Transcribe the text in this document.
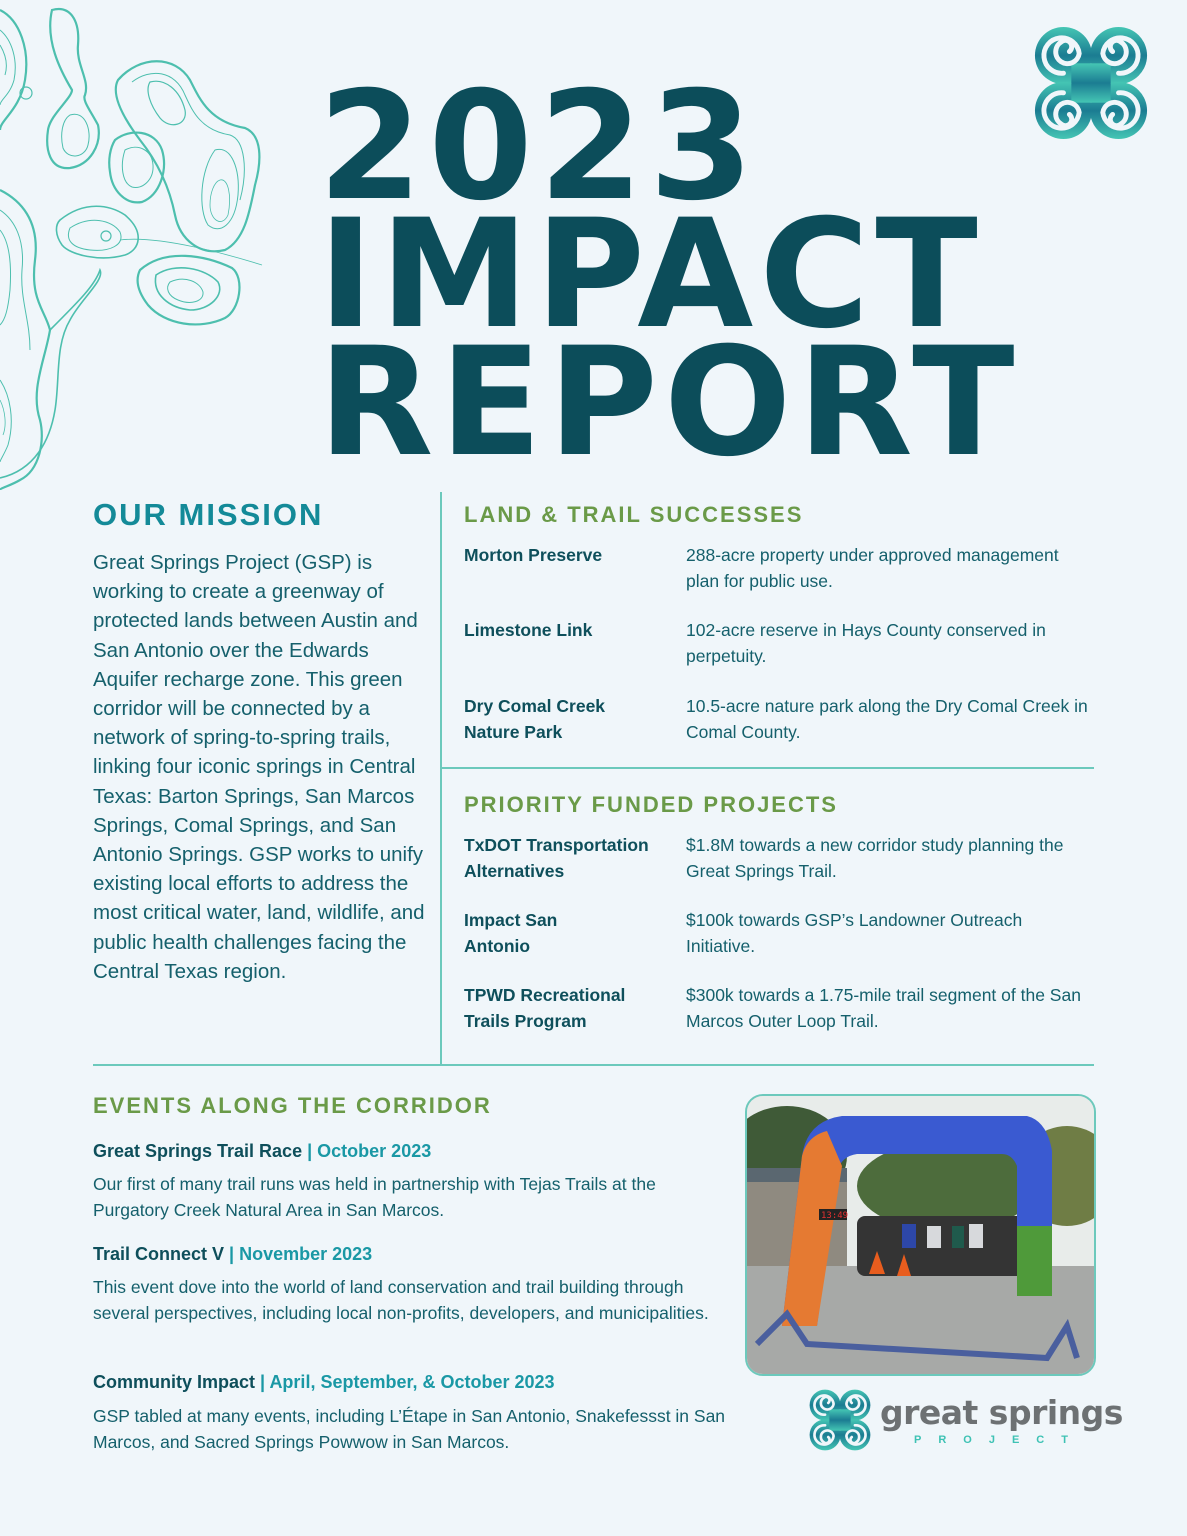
2023
IMPACT
REPORT
OUR MISSION

Great Springs Project (GSP) is working to create a greenway of protected lands between Austin and San Antonio over the Edwards Aquifer recharge zone. This green corridor will be connected by a network of spring-to-spring trails, linking four iconic springs in Central Texas: Barton Springs, San Marcos Springs, Comal Springs, and San Antonio Springs. GSP works to unify existing local efforts to address the most critical water, land, wildlife, and public health challenges facing the Central Texas region.

LAND & TRAIL SUCCESSES
Morton Preserve	288-acre property under approved management plan for public use.
Limestone Link	102-acre reserve in Hays County conserved in perpetuity.
Dry Comal Creek Nature Park
10.5-acre nature park along the Dry Comal Creek in Comal County.
PRIORITY FUNDED PROJECTS
TxDOT Transportation Alternatives
$1.8M towards a new corridor study planning the Great Springs Trail.
Impact San Antonio
$100k towards GSP’s Landowner Outreach Initiative.
TPWD Recreational Trails Program
$300k towards a 1.75-mile trail segment of the San Marcos Outer Loop Trail.
EVENTS ALONG THE CORRIDOR
Great Springs Trail Race | October 2023
Our first of many trail runs was held in partnership with Tejas Trails at the Purgatory Creek Natural Area in San Marcos.
Trail Connect V | November 2023
This event dove into the world of land conservation and trail building through several perspectives, including local non-profits, developers, and municipalities.
Community Impact | April, September, & October 2023
GSP tabled at many events, including L’Étape in San Antonio, Snakefessst in San Marcos, and Sacred Springs Powwow in San Marcos.
13:49
great springs
PROJECT
